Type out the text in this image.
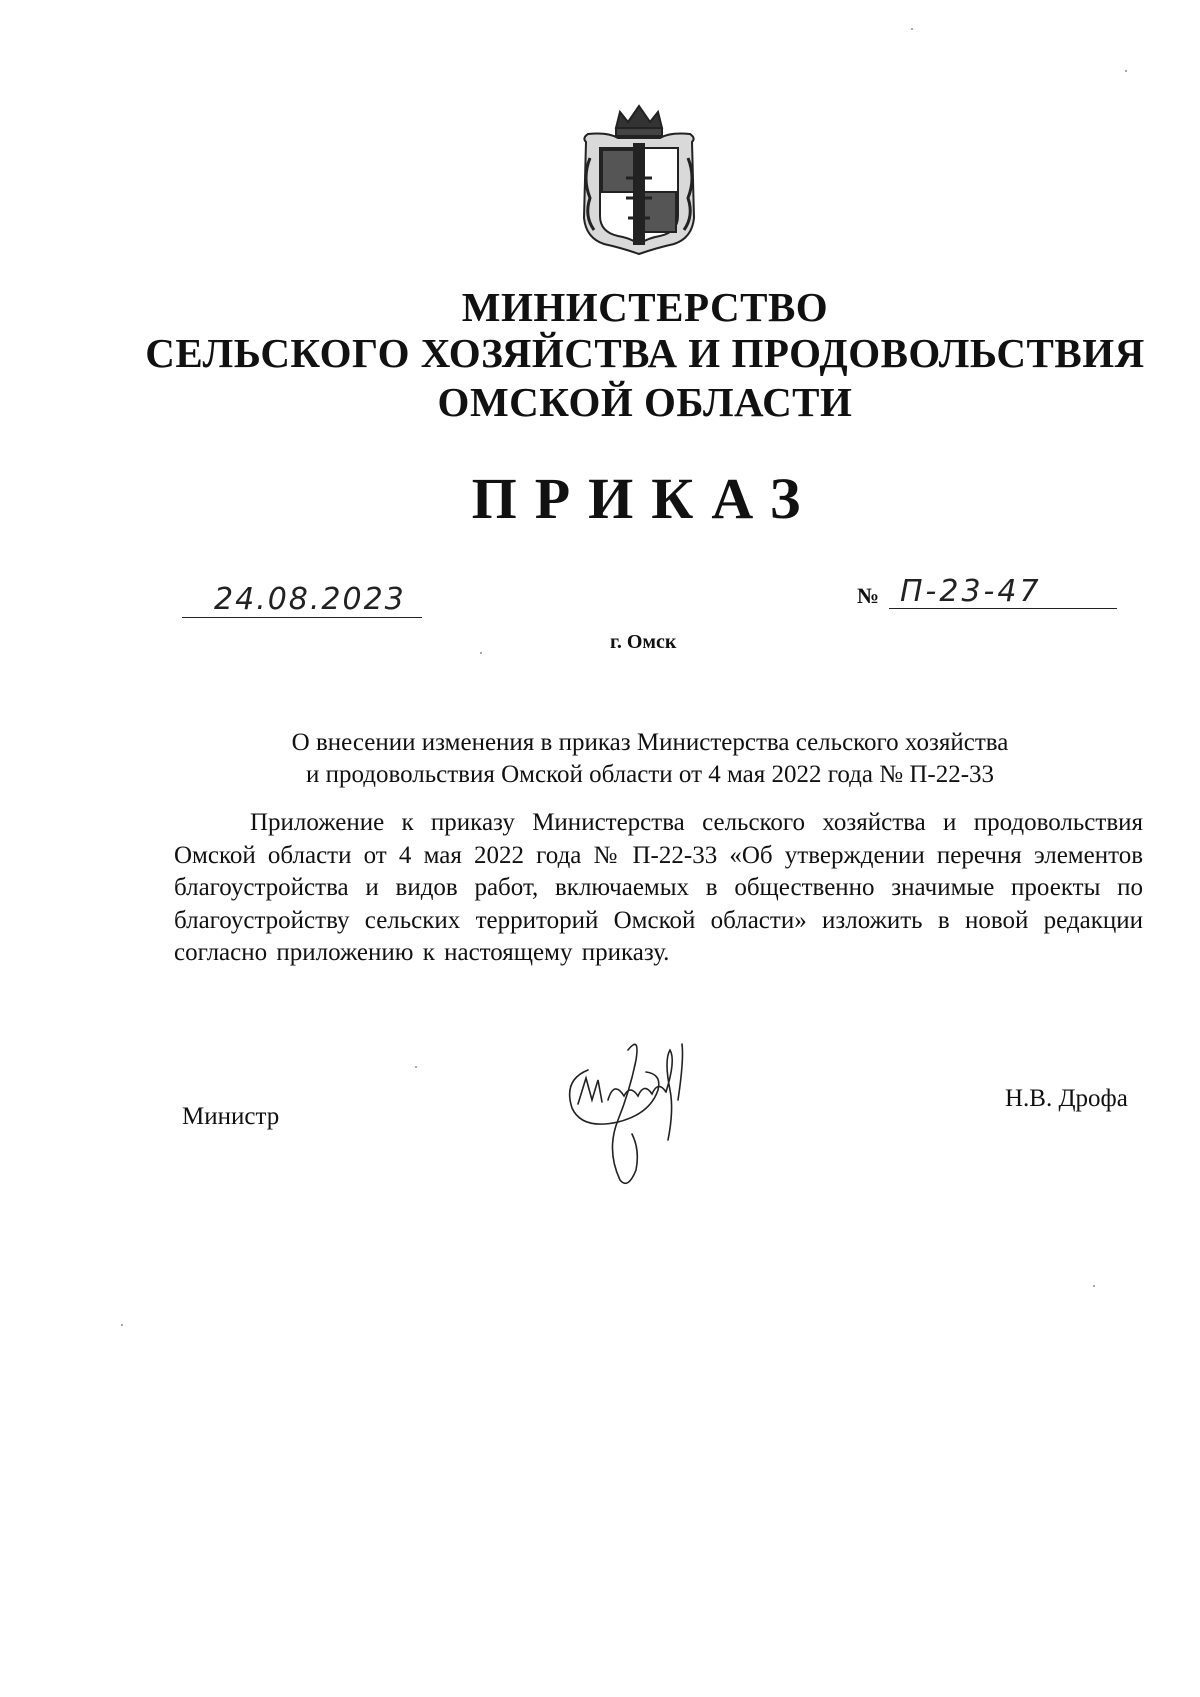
МИНИСТЕРСТВО
СЕЛЬСКОГО ХОЗЯЙСТВА И ПРОДОВОЛЬСТВИЯ
ОМСКОЙ ОБЛАСТИ
ПРИКАЗ
24.08.2023	№ П-23-47
г. Омск
О внесении изменения в приказ Министерства сельского хозяйства
и продовольствия Омской области от 4 мая 2022 года № П-22-33
Приложение к приказу Министерства сельского хозяйства и продовольствия Омской области от 4 мая 2022 года № П-22-33 «Об утверждении перечня элементов благоустройства и видов работ, включаемых в общественно значимые проекты по благоустройству сельских территорий Омской области» изложить в новой редакции согласно приложению к настоящему приказу.
Министр
Н.В. Дрофа
